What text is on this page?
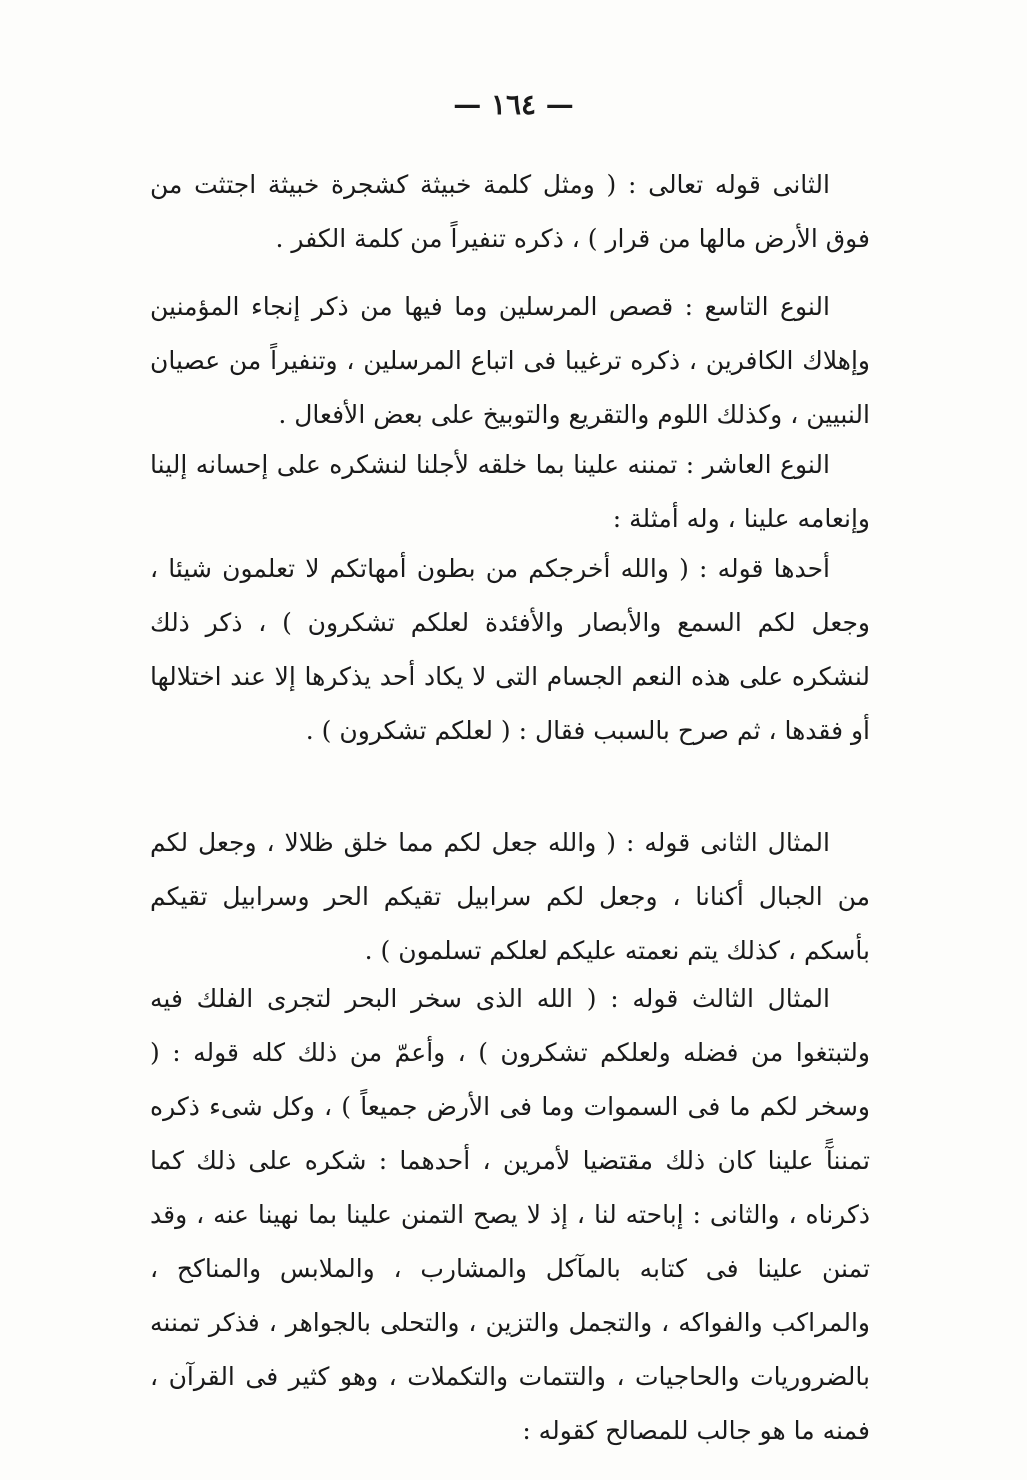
— ١٦٤ —

الثانى قوله تعالى : ( ومثل كلمة خبيثة كشجرة خبيثة اجتثت من فوق الأرض مالها من قرار ) ، ذكره تنفيراً من كلمة الكفر .

النوع التاسع : قصص المرسلين وما فيها من ذكر إنجاء المؤمنين وإهلاك الكافرين ، ذكره ترغيبا فى اتباع المرسلين ، وتنفيراً من عصيان النبيين ، وكذلك اللوم والتقريع والتوبيخ على بعض الأفعال .

النوع العاشر : تمننه علينا بما خلقه لأجلنا لنشكره على إحسانه إلينا وإنعامه علينا ، وله أمثلة :

أحدها قوله : ( والله أخرجكم من بطون أمهاتكم لا تعلمون شيئا ، وجعل لكم السمع والأبصار والأفئدة لعلكم تشكرون ) ، ذكر ذلك لنشكره على هذه النعم الجسام التى لا يكاد أحد يذكرها إلا عند اختلالها أو فقدها ، ثم صرح بالسبب فقال : ( لعلكم تشكرون ) .

المثال الثانى قوله : ( والله جعل لكم مما خلق ظلالا ، وجعل لكم من الجبال أكنانا ، وجعل لكم سرابيل تقيكم الحر وسرابيل تقيكم بأسكم ، كذلك يتم نعمته عليكم لعلكم تسلمون ) .

المثال الثالث قوله : ( الله الذى سخر البحر لتجرى الفلك فيه ولتبتغوا من فضله ولعلكم تشكرون ) ، وأعمّ من ذلك كله قوله : ( وسخر لكم ما فى السموات وما فى الأرض جميعاً ) ، وكل شىء ذكره تمننآً علينا كان ذلك مقتضيا لأمرين ، أحدهما : شكره على ذلك كما ذكرناه ، والثانى : إباحته لنا ، إذ لا يصح التمنن علينا بما نهينا عنه ، وقد تمنن علينا فى كتابه بالمآكل والمشارب ، والملابس والمناكح ، والمراكب والفواكه ، والتجمل والتزين ، والتحلى بالجواهر ، فذكر تمننه بالضروريات والحاجيات ، والتتمات والتكملات ، وهو كثير فى القرآن ، فمنه ما هو جالب للمصالح كقوله :
